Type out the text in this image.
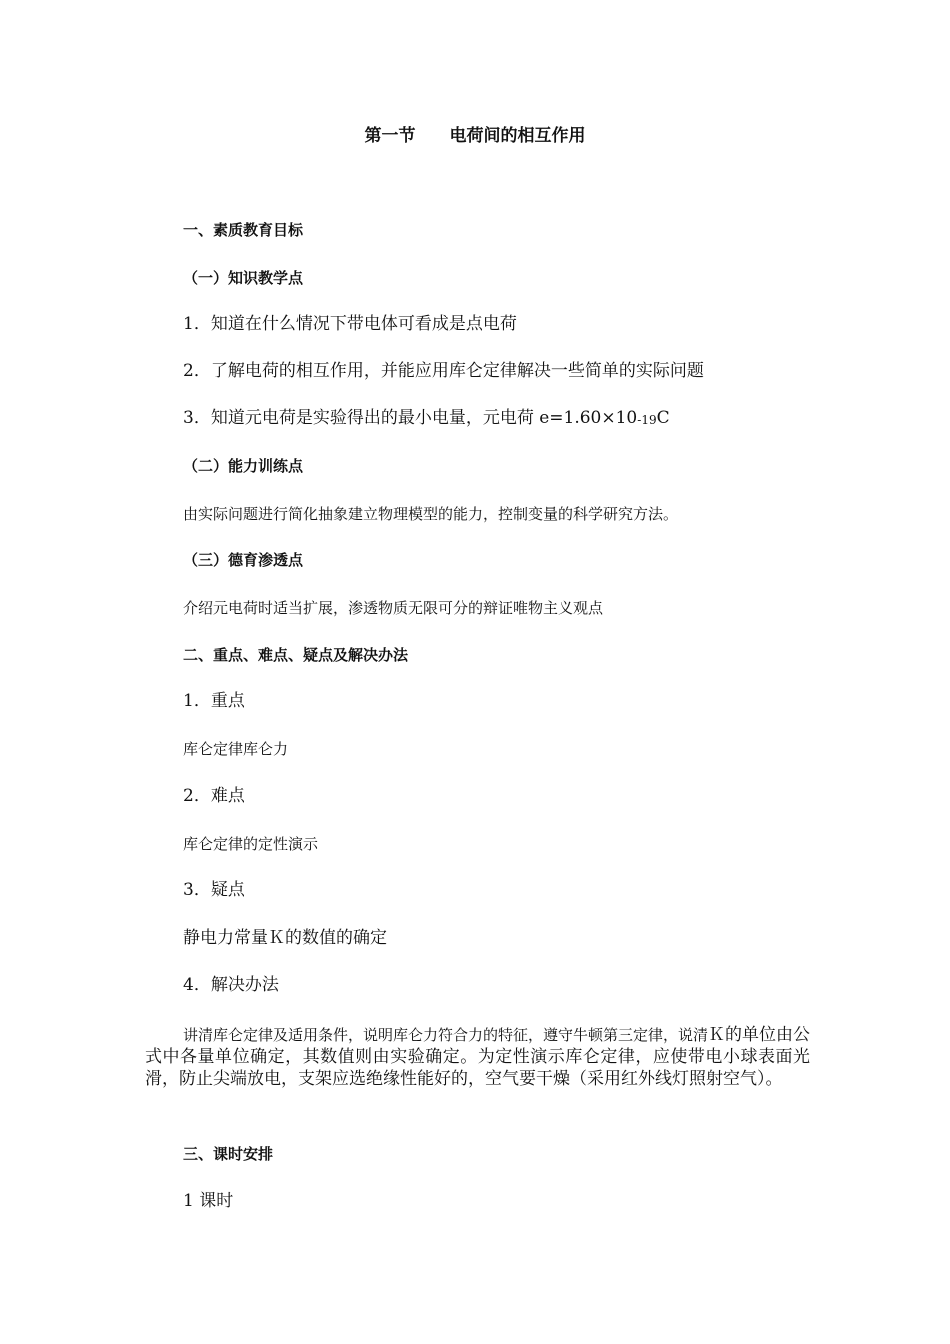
第一节　　电荷间的相互作用
一、素质教育目标
（一）知识教学点
1．知道在什么情况下带电体可看成是点电荷
2．了解电荷的相互作用，并能应用库仑定律解决一些简单的实际问题
3．知道元电荷是实验得出的最小电量，元电荷 e=1.60×10-19C
（二）能力训练点
由实际问题进行简化抽象建立物理模型的能力，控制变量的科学研究方法。
（三）德育渗透点
介绍元电荷时适当扩展，渗透物质无限可分的辩证唯物主义观点
二、重点、难点、疑点及解决办法
1．重点
库仑定律库仑力
2．难点
库仑定律的定性演示
3．疑点
静电力常量Ｋ的数值的确定
4．解决办法
讲清库仑定律及适用条件，说明库仑力符合力的特征，遵守牛顿第三定律，说清Ｋ的单位由公式中各量单位确定，其数值则由实验确定。为定性演示库仑定律，应使带电小球表面光滑，防止尖端放电，支架应选绝缘性能好的，空气要干燥（采用红外线灯照射空气）。
三、课时安排
1 课时
